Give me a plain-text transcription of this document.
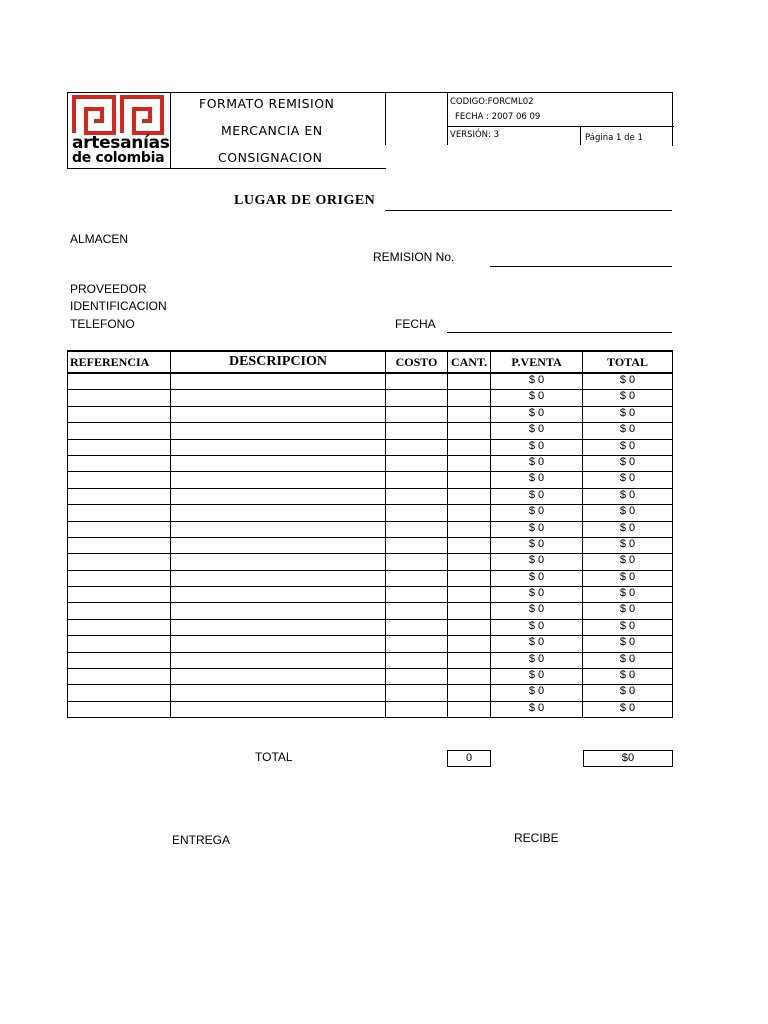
artesanías
de colombia
FORMATO REMISION
MERCANCIA EN
CONSIGNACION
CODIGO:FORCML02
FECHA : 2007 06 09
VERSIÓN: 3	Página 1 de 1
LUGAR DE ORIGEN
ALMACEN
REMISION No.
PROVEEDOR
IDENTIFICACION
TELEFONO	FECHA
REFERENCIA	DESCRIPCION	COSTO	CANT.	P.VENTA	TOTAL
				$ 0	$ 0
				$ 0	$ 0
				$ 0	$ 0
				$ 0	$ 0
				$ 0	$ 0
				$ 0	$ 0
				$ 0	$ 0
				$ 0	$ 0
				$ 0	$ 0
				$ 0	$ 0
				$ 0	$ 0
				$ 0	$ 0
				$ 0	$ 0
				$ 0	$ 0
				$ 0	$ 0
				$ 0	$ 0
				$ 0	$ 0
				$ 0	$ 0
				$ 0	$ 0
				$ 0	$ 0
				$ 0	$ 0
TOTAL	0	$0
ENTREGA	RECIBE
